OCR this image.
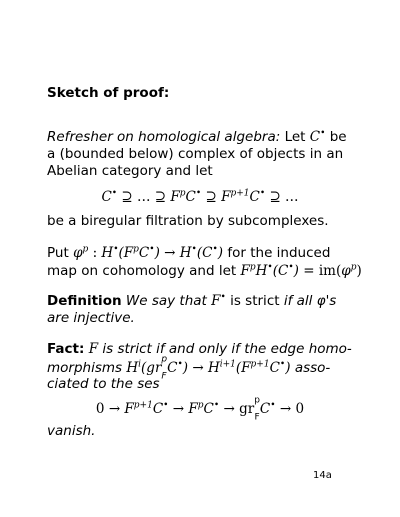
Sketch of proof:
Refresher on homological algebra: Let C• be
a (bounded below) complex of objects in an
Abelian category and let
C• ⊇ … ⊇ $F^pC^•$ ⊇ $F^{p+1}C^•$ ⊇ …
be a biregular filtration by subcomplexes.
Put $\varphi^p$ : $H^•(F^pC^•) \to H^•(C^•)$ for the induced
map on cohomology and let $F^pH^•(C^•) = im(\varphi^p)$
Definition We say that F• is strict if all φ's
are injective.
Fact: F is strict if and only if the edge homo-
morphisms $H^i(gr^p$
$_FC^•) \to H^{i+1}(F^{p+1}C^•)$ asso-
ciated to the ses
$0 \to F^{p+1}C^• \to F^pC^• \to gr^p$
$_F$C• → 0
vanish.
14a
